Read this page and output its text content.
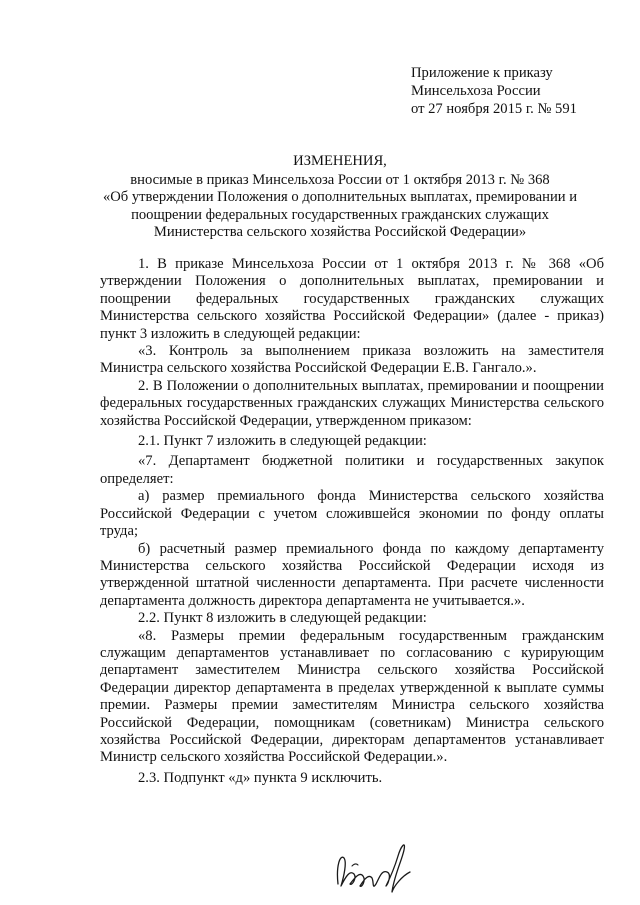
Приложение к приказу
Минсельхоза России
от 27 ноября 2015 г. № 591
ИЗМЕНЕНИЯ,
вносимые в приказ Минсельхоза России от 1 октября 2013 г. № 368
«Об утверждении Положения о дополнительных выплатах, премировании и
поощрении федеральных государственных гражданских служащих
Министерства сельского хозяйства Российской Федерации»

1. В приказе Минсельхоза России от 1 октября 2013 г. № 368 «Об утверждении Положения о дополнительных выплатах, премировании и поощрении федеральных государственных гражданских служащих Министерства сельского хозяйства Российской Федерации» (далее - приказ) пункт 3 изложить в следующей редакции:

«3. Контроль за выполнением приказа возложить на заместителя Министра сельского хозяйства Российской Федерации Е.В. Гангало.».

2. В Положении о дополнительных выплатах, премировании и поощрении федеральных государственных гражданских служащих Министерства сельского хозяйства Российской Федерации, утвержденном приказом:

2.1. Пункт 7 изложить в следующей редакции:

«7. Департамент бюджетной политики и государственных закупок определяет:

а) размер премиального фонда Министерства сельского хозяйства Российской Федерации с учетом сложившейся экономии по фонду оплаты труда;

б) расчетный размер премиального фонда по каждому департаменту Министерства сельского хозяйства Российской Федерации исходя из утвержденной штатной численности департамента. При расчете численности департамента должность директора департамента не учитывается.».

2.2. Пункт 8 изложить в следующей редакции:

«8. Размеры премии федеральным государственным гражданским служащим департаментов устанавливает по согласованию с курирующим департамент заместителем Министра сельского хозяйства Российской Федерации директор департамента в пределах утвержденной к выплате суммы премии. Размеры премии заместителям Министра сельского хозяйства Российской Федерации, помощникам (советникам) Министра сельского хозяйства Российской Федерации, директорам департаментов устанавливает Министр сельского хозяйства Российской Федерации.».

2.3. Подпункт «д» пункта 9 исключить.
